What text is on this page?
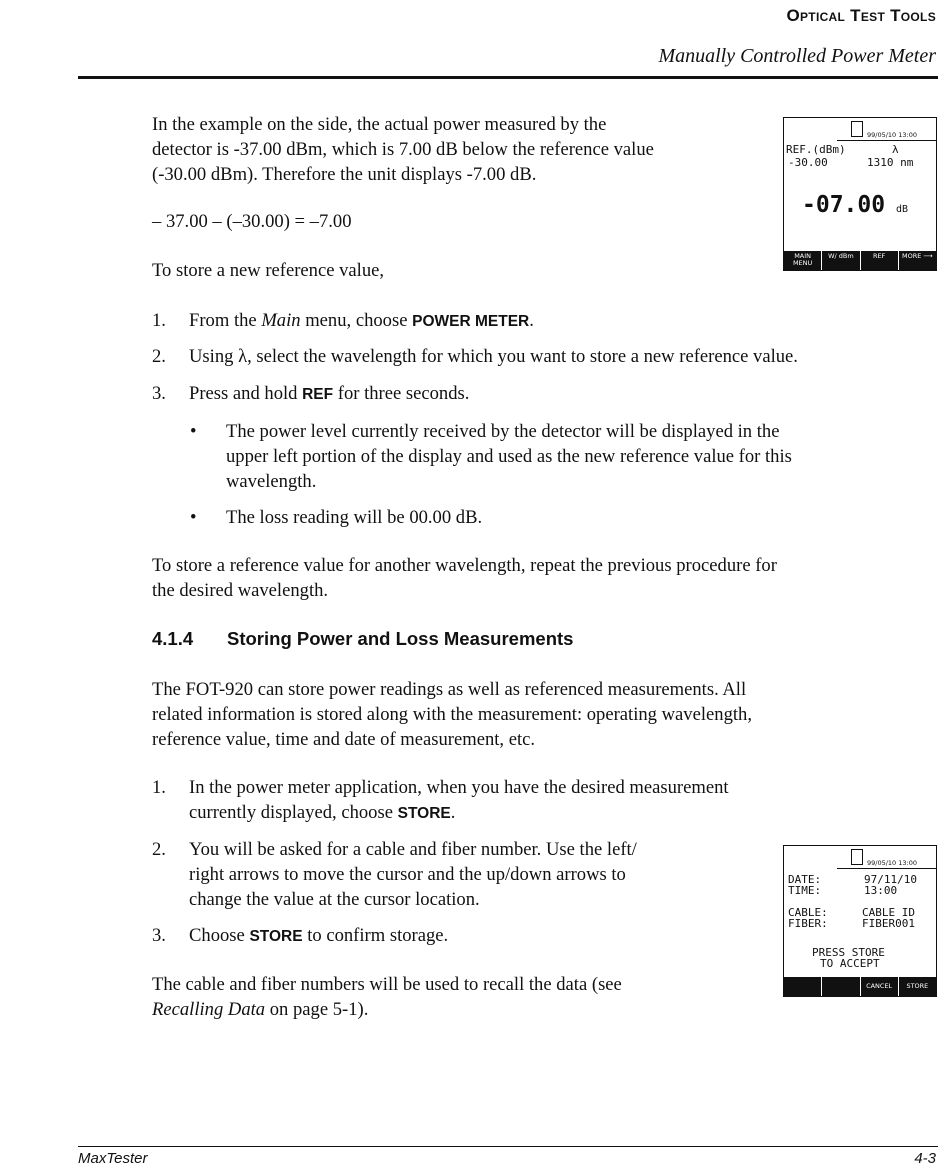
Optical Test Tools
Manually Controlled Power Meter
In the example on the side, the actual power measured by the
detector is -37.00 dBm, which is 7.00 dB below the reference value
(-30.00 dBm). Therefore the unit displays -7.00 dB.
99/05/10 13:00
REF.(dBm)	λ
-30.00	1310 nm
-07.00 dB
MAIN MENU
W/ dBm	REF	MORE ⟶
– 37.00 – (–30.00) = –7.00
To store a new reference value,
1. From the Main menu, choose POWER METER.
2. Using λ, select the wavelength for which you want to store a new reference value.
3. Press and hold REF for three seconds.
• The power level currently received by the detector will be displayed in the
upper left portion of the display and used as the new reference value for this
wavelength.
• The loss reading will be 00.00 dB.
To store a reference value for another wavelength, repeat the previous procedure for
the desired wavelength.
4.1.4 Storing Power and Loss Measurements
The FOT-920 can store power readings as well as referenced measurements. All
related information is stored along with the measurement: operating wavelength,
reference value, time and date of measurement, etc.
1. In the power meter application, when you have the desired measurement
currently displayed, choose STORE.
2. You will be asked for a cable and fiber number. Use the left/
right arrows to move the cursor and the up/down arrows to
change the value at the cursor location.
3. Choose STORE to confirm storage.
The cable and fiber numbers will be used to recall the data (see
Recalling Data on page 5-1).
99/05/10 13:00
DATE:	97/11/10
TIME:	13:00
CABLE:	CABLE ID
FIBER:	FIBER001
PRESS STORE
TO ACCEPT
CANCEL	STORE
MaxTester	4-3
